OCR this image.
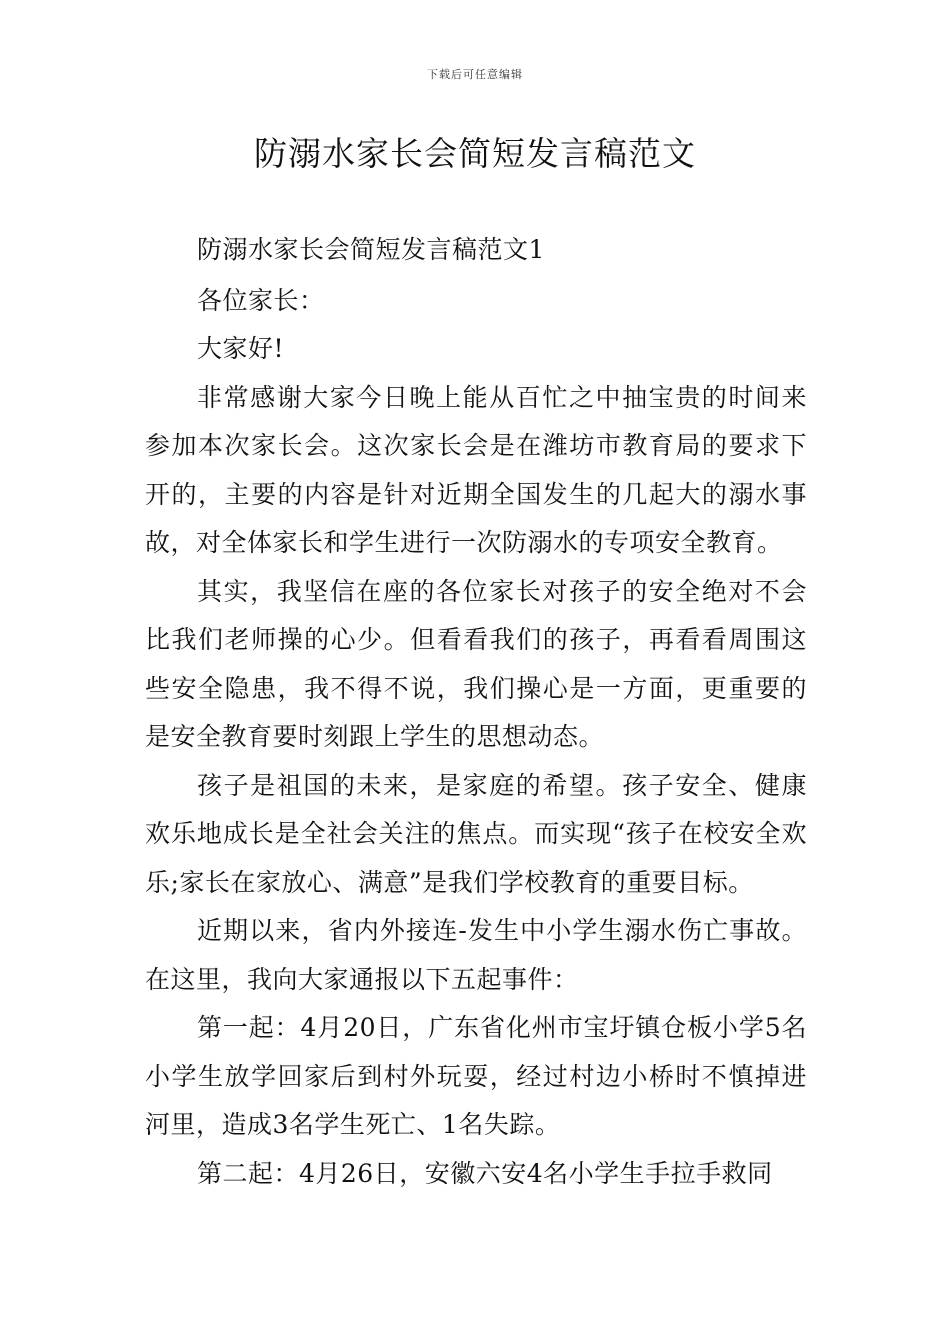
下载后可任意编辑
防溺水家长会简短发言稿范文

防溺水家长会简短发言稿范文1

各位家长：

大家好!

非常感谢大家今日晚上能从百忙之中抽宝贵的时间来参加本次家长会。这次家长会是在潍坊市教育局的要求下开的，主要的内容是针对近期全国发生的几起大的溺水事故，对全体家长和学生进行一次防溺水的专项安全教育。

其实，我坚信在座的各位家长对孩子的安全绝对不会比我们老师操的心少。但看看我们的孩子，再看看周围这些安全隐患，我不得不说，我们操心是一方面，更重要的是安全教育要时刻跟上学生的思想动态。

孩子是祖国的未来，是家庭的希望。孩子安全、健康欢乐地成长是全社会关注的焦点。而实现“孩子在校安全欢乐;家长在家放心、满意”是我们学校教育的重要目标。

近期以来，省内外接连-发生中小学生溺水伤亡事故。在这里，我向大家通报以下五起事件：

第一起：4月20日，广东省化州市宝圩镇仓板小学5名小学生放学回家后到村外玩耍，经过村边小桥时不慎掉进河里，造成3名学生死亡、1名失踪。

第二起：4月26日，安徽六安4名小学生手拉手救同
